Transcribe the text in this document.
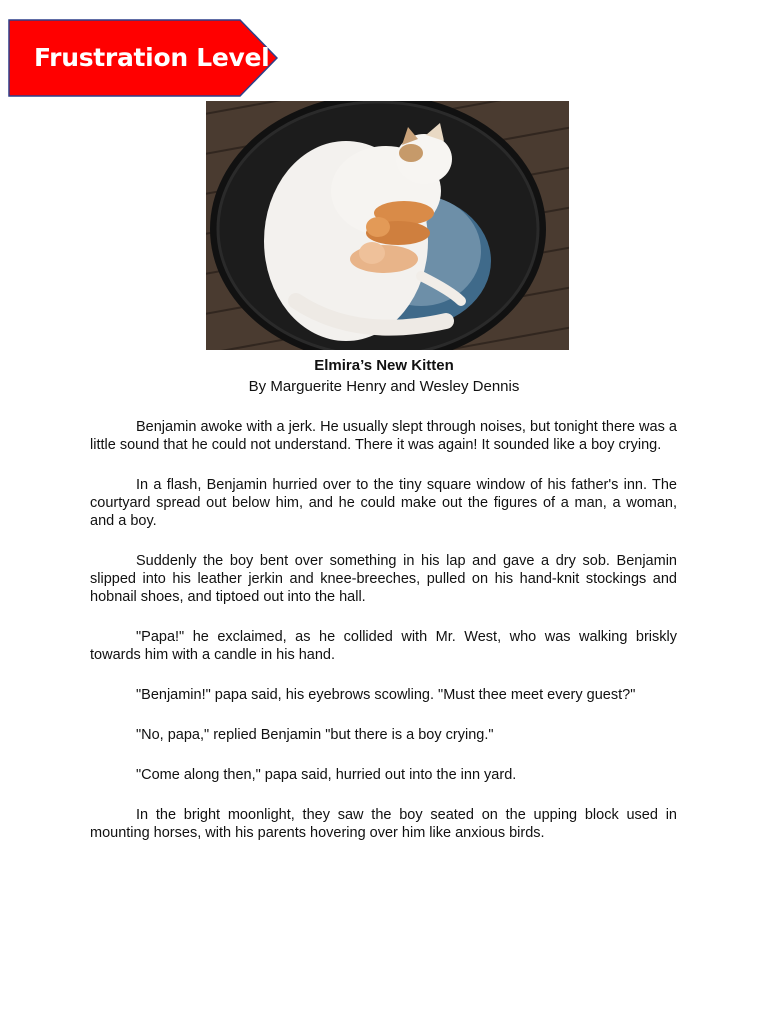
Frustration Level
Elmira’s New Kitten
By Marguerite Henry and Wesley Dennis

Benjamin awoke with a jerk. He usually slept through noises, but tonight there was a little sound that he could not understand. There it was again! It sounded like a boy crying.

In a flash, Benjamin hurried over to the tiny square window of his father's inn. The courtyard spread out below him, and he could make out the figures of a man, a woman, and a boy.

Suddenly the boy bent over something in his lap and gave a dry sob. Benjamin slipped into his leather jerkin and knee-breeches, pulled on his hand-knit stockings and hobnail shoes, and tiptoed out into the hall.

"Papa!" he exclaimed, as he collided with Mr. West, who was walking briskly towards him with a candle in his hand.

"Benjamin!" papa said, his eyebrows scowling. "Must thee meet every guest?"

"No, papa," replied Benjamin "but there is a boy crying."

"Come along then," papa said, hurried out into the inn yard.

In the bright moonlight, they saw the boy seated on the upping block used in mounting horses, with his parents hovering over him like anxious birds.
